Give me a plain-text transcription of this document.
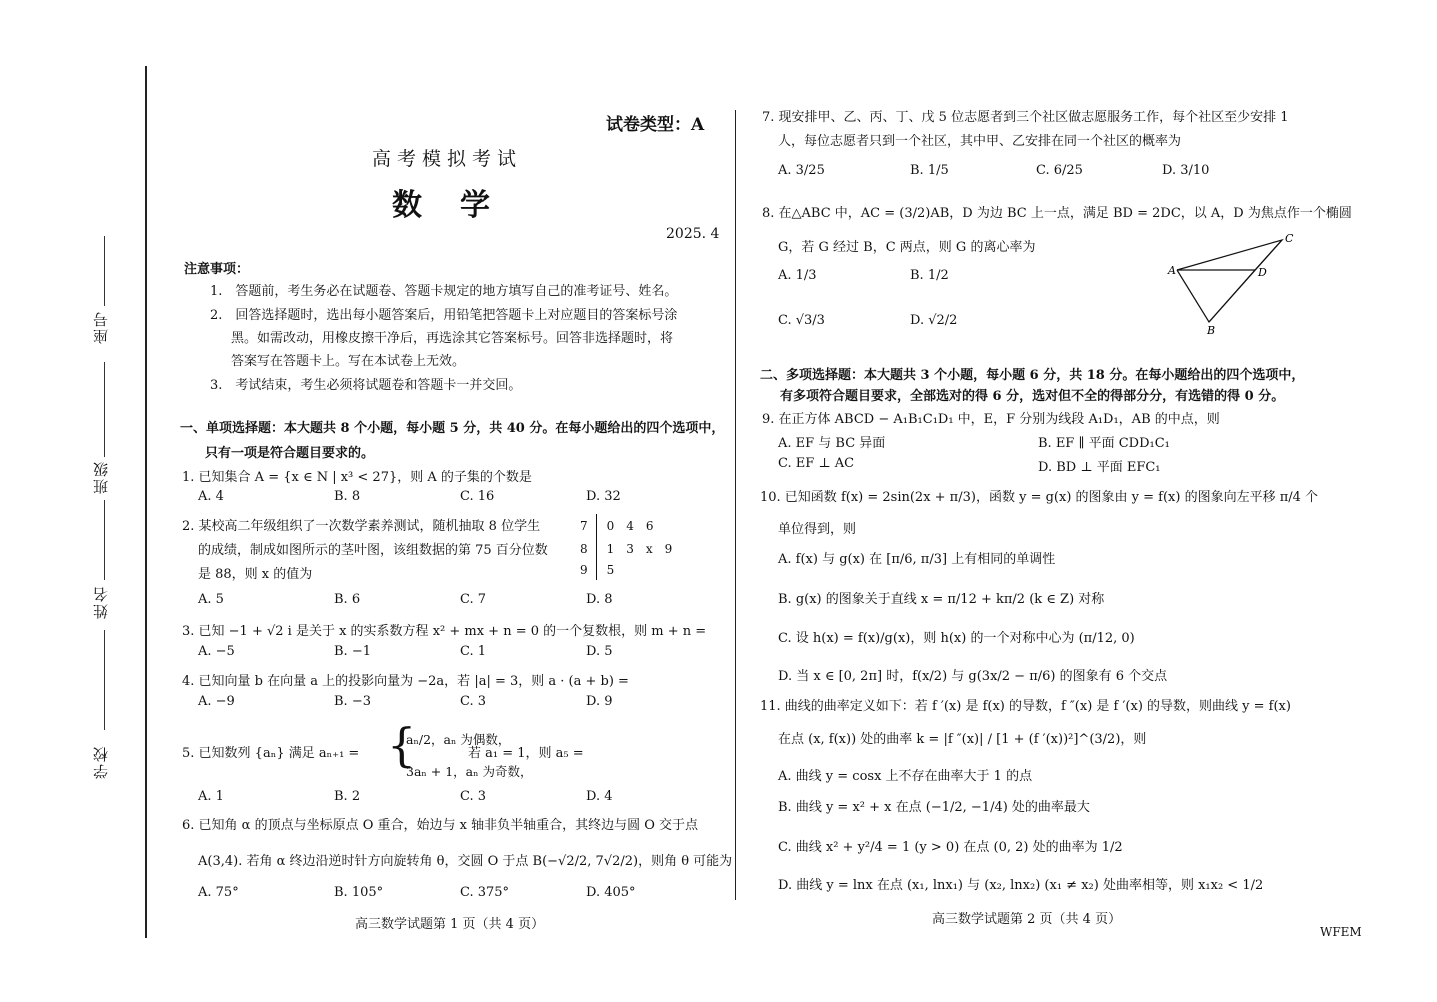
座号
班级
姓名
学校
试卷类型：A
高考模拟考试
数　学
2025. 4
注意事项：
1.　答题前，考生务必在试题卷、答题卡规定的地方填写自己的准考证号、姓名。
2.　回答选择题时，选出每小题答案后，用铅笔把答题卡上对应题目的答案标号涂
黑。如需改动，用橡皮擦干净后，再选涂其它答案标号。回答非选择题时，将
答案写在答题卡上。写在本试卷上无效。
3.　考试结束，考生必须将试题卷和答题卡一并交回。
一、单项选择题：本大题共 8 个小题，每小题 5 分，共 40 分。在每小题给出的四个选项中，
只有一项是符合题目要求的。
1. 已知集合 A = {x ∈ N | x³ < 27}，则 A 的子集的个数是
A. 4	B. 8	C. 16	D. 32
2. 某校高二年级组织了一次数学素养测试，随机抽取 8 位学生
的成绩，制成如图所示的茎叶图，该组数据的第 75 百分位数
是 88，则 x 的值为
7	0　4　6
8	1　3　x　9
9	5
A. 5	B. 6	C. 7	D. 8
3. 已知 −1 + √2 i 是关于 x 的实系数方程 x² + mx + n = 0 的一个复数根，则 m + n =
A. −5	B. −1	C. 1	D. 5
4. 已知向量 b 在向量 a 上的投影向量为 −2a，若 |a| = 3，则 a · (a + b) =
A. −9	B. −3	C. 3	D. 9
5. 已知数列 {aₙ} 满足 aₙ₊₁ = {
aₙ/2，aₙ 为偶数，
3aₙ + 1，aₙ 为奇数，
若 a₁ = 1，则 a₅ =
A. 1	B. 2	C. 3	D. 4
6. 已知角 α 的顶点与坐标原点 O 重合，始边与 x 轴非负半轴重合，其终边与圆 O 交于点
A(3,4). 若角 α 终边沿逆时针方向旋转角 θ，交圆 O 于点 B(−√2/2, 7√2/2)，则角 θ 可能为
A. 75°	B. 105°	C. 375°	D. 405°
高三数学试题第 1 页（共 4 页）
7. 现安排甲、乙、丙、丁、戊 5 位志愿者到三个社区做志愿服务工作，每个社区至少安排 1
人，每位志愿者只到一个社区，其中甲、乙安排在同一个社区的概率为
A. 3/25	B. 1/5	C. 6/25	D. 3/10
8. 在△ABC 中，AC = (3/2)AB，D 为边 BC 上一点，满足 BD = 2DC，以 A，D 为焦点作一个椭圆
G，若 G 经过 B，C 两点，则 G 的离心率为
A. 1/3	B. 1/2
C. √3/3	D. √2/2
A
B
C
D
二、多项选择题：本大题共 3 个小题，每小题 6 分，共 18 分。在每小题给出的四个选项中，
有多项符合题目要求，全部选对的得 6 分，选对但不全的得部分分，有选错的得 0 分。
9. 在正方体 ABCD − A₁B₁C₁D₁ 中，E，F 分别为线段 A₁D₁，AB 的中点，则
A. EF 与 BC 异面	B. EF ∥ 平面 CDD₁C₁
C. EF ⊥ AC	D. BD ⊥ 平面 EFC₁
10. 已知函数 f(x) = 2sin(2x + π/3)，函数 y = g(x) 的图象由 y = f(x) 的图象向左平移 π/4 个
单位得到，则
A. f(x) 与 g(x) 在 [π/6, π/3] 上有相同的单调性
B. g(x) 的图象关于直线 x = π/12 + kπ/2 (k ∈ Z) 对称
C. 设 h(x) = f(x)/g(x)，则 h(x) 的一个对称中心为 (π/12, 0)
D. 当 x ∈ [0, 2π] 时，f(x/2) 与 g(3x/2 − π/6) 的图象有 6 个交点
11. 曲线的曲率定义如下：若 f ′(x) 是 f(x) 的导数，f ″(x) 是 f ′(x) 的导数，则曲线 y = f(x)
在点 (x, f(x)) 处的曲率 k = |f ″(x)| / [1 + (f ′(x))²]^(3/2)，则
A. 曲线 y = cosx 上不存在曲率大于 1 的点
B. 曲线 y = x² + x 在点 (−1/2, −1/4) 处的曲率最大
C. 曲线 x² + y²/4 = 1 (y > 0) 在点 (0, 2) 处的曲率为 1/2
D. 曲线 y = lnx 在点 (x₁, lnx₁) 与 (x₂, lnx₂) (x₁ ≠ x₂) 处曲率相等，则 x₁x₂ < 1/2
高三数学试题第 2 页（共 4 页）
WFEM
